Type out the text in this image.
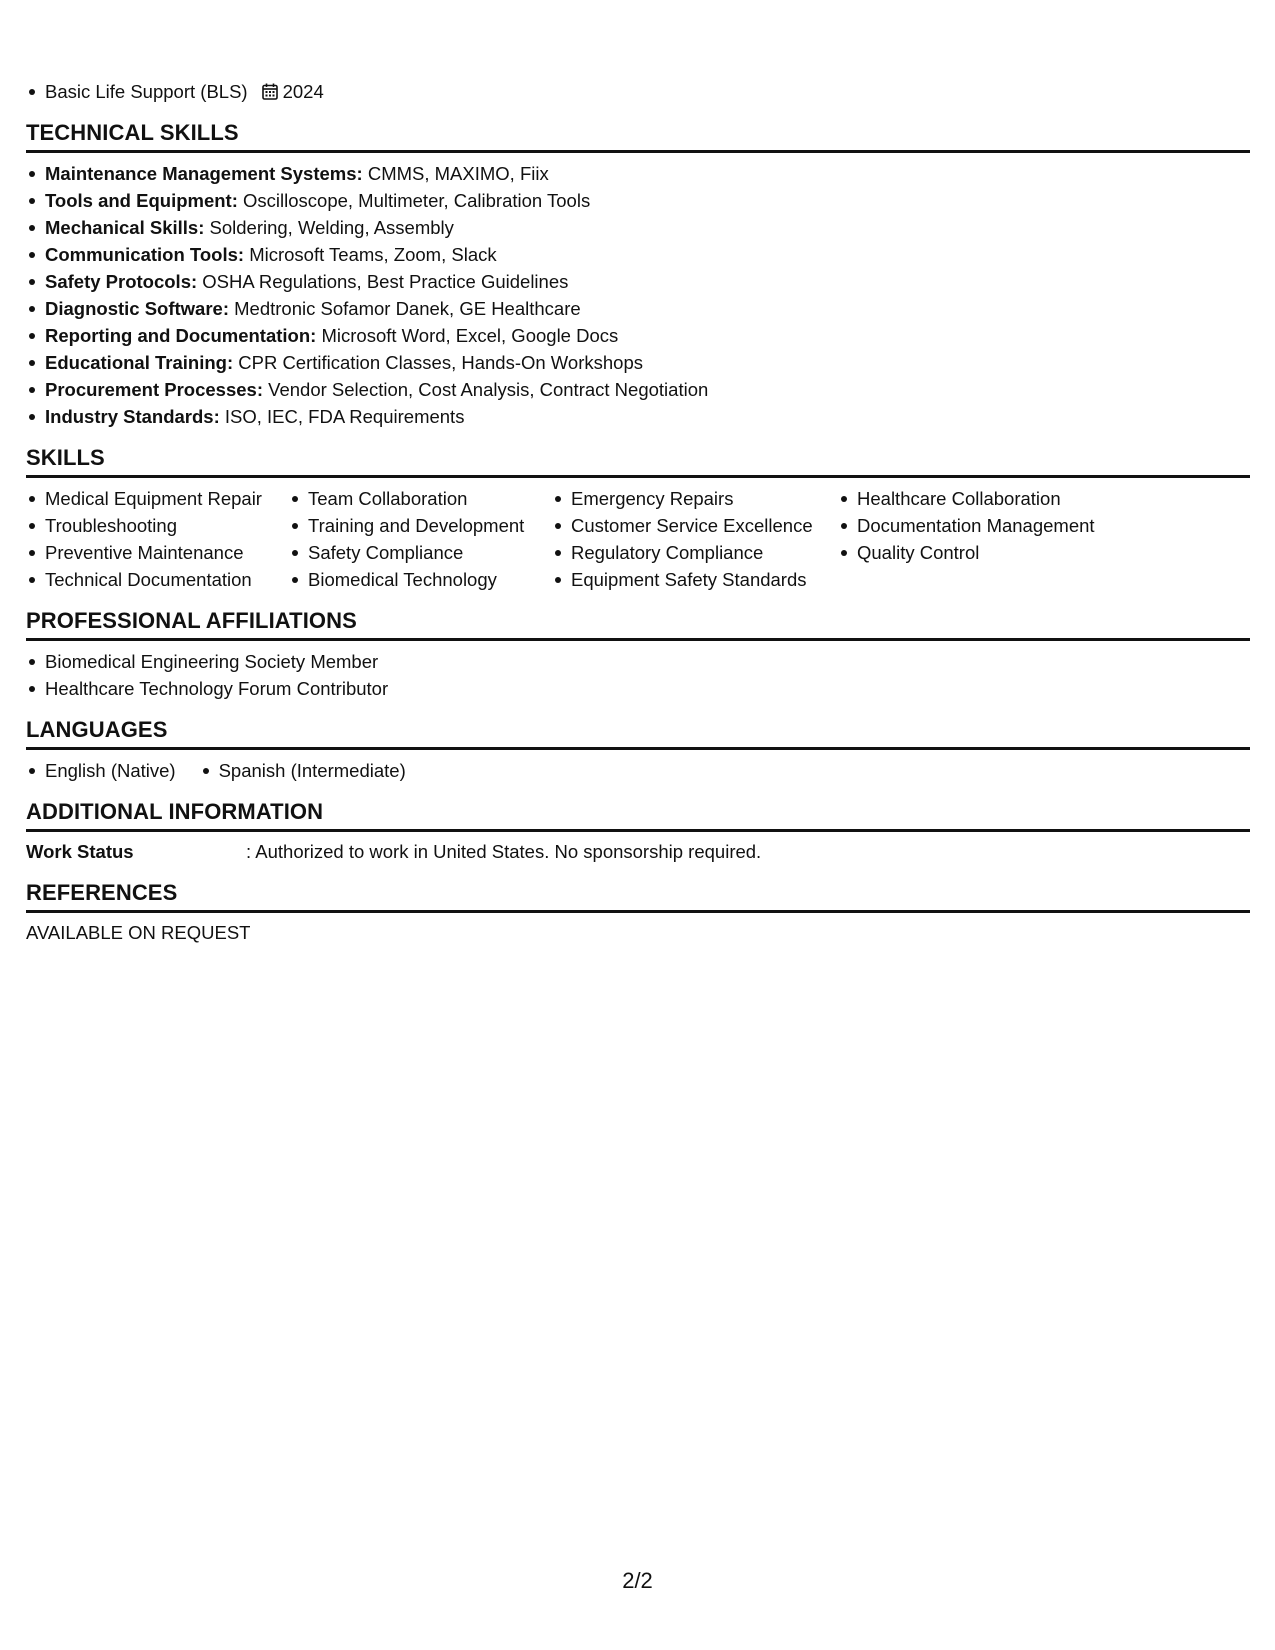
Basic Life Support (BLS) 2024
TECHNICAL SKILLS
Maintenance Management Systems: CMMS, MAXIMO, Fiix
Tools and Equipment: Oscilloscope, Multimeter, Calibration Tools
Mechanical Skills: Soldering, Welding, Assembly
Communication Tools: Microsoft Teams, Zoom, Slack
Safety Protocols: OSHA Regulations, Best Practice Guidelines
Diagnostic Software: Medtronic Sofamor Danek, GE Healthcare
Reporting and Documentation: Microsoft Word, Excel, Google Docs
Educational Training: CPR Certification Classes, Hands-On Workshops
Procurement Processes: Vendor Selection, Cost Analysis, Contract Negotiation
Industry Standards: ISO, IEC, FDA Requirements
SKILLS
Medical Equipment Repair
Troubleshooting
Preventive Maintenance
Technical Documentation
Team Collaboration
Training and Development
Safety Compliance
Biomedical Technology
Emergency Repairs
Customer Service Excellence
Regulatory Compliance
Equipment Safety Standards
Healthcare Collaboration
Documentation Management
Quality Control
PROFESSIONAL AFFILIATIONS
Biomedical Engineering Society Member
Healthcare Technology Forum Contributor
LANGUAGES
English (Native) Spanish (Intermediate)
ADDITIONAL INFORMATION
Work Status	: Authorized to work in United States. No sponsorship required.
REFERENCES
AVAILABLE ON REQUEST
2/2
